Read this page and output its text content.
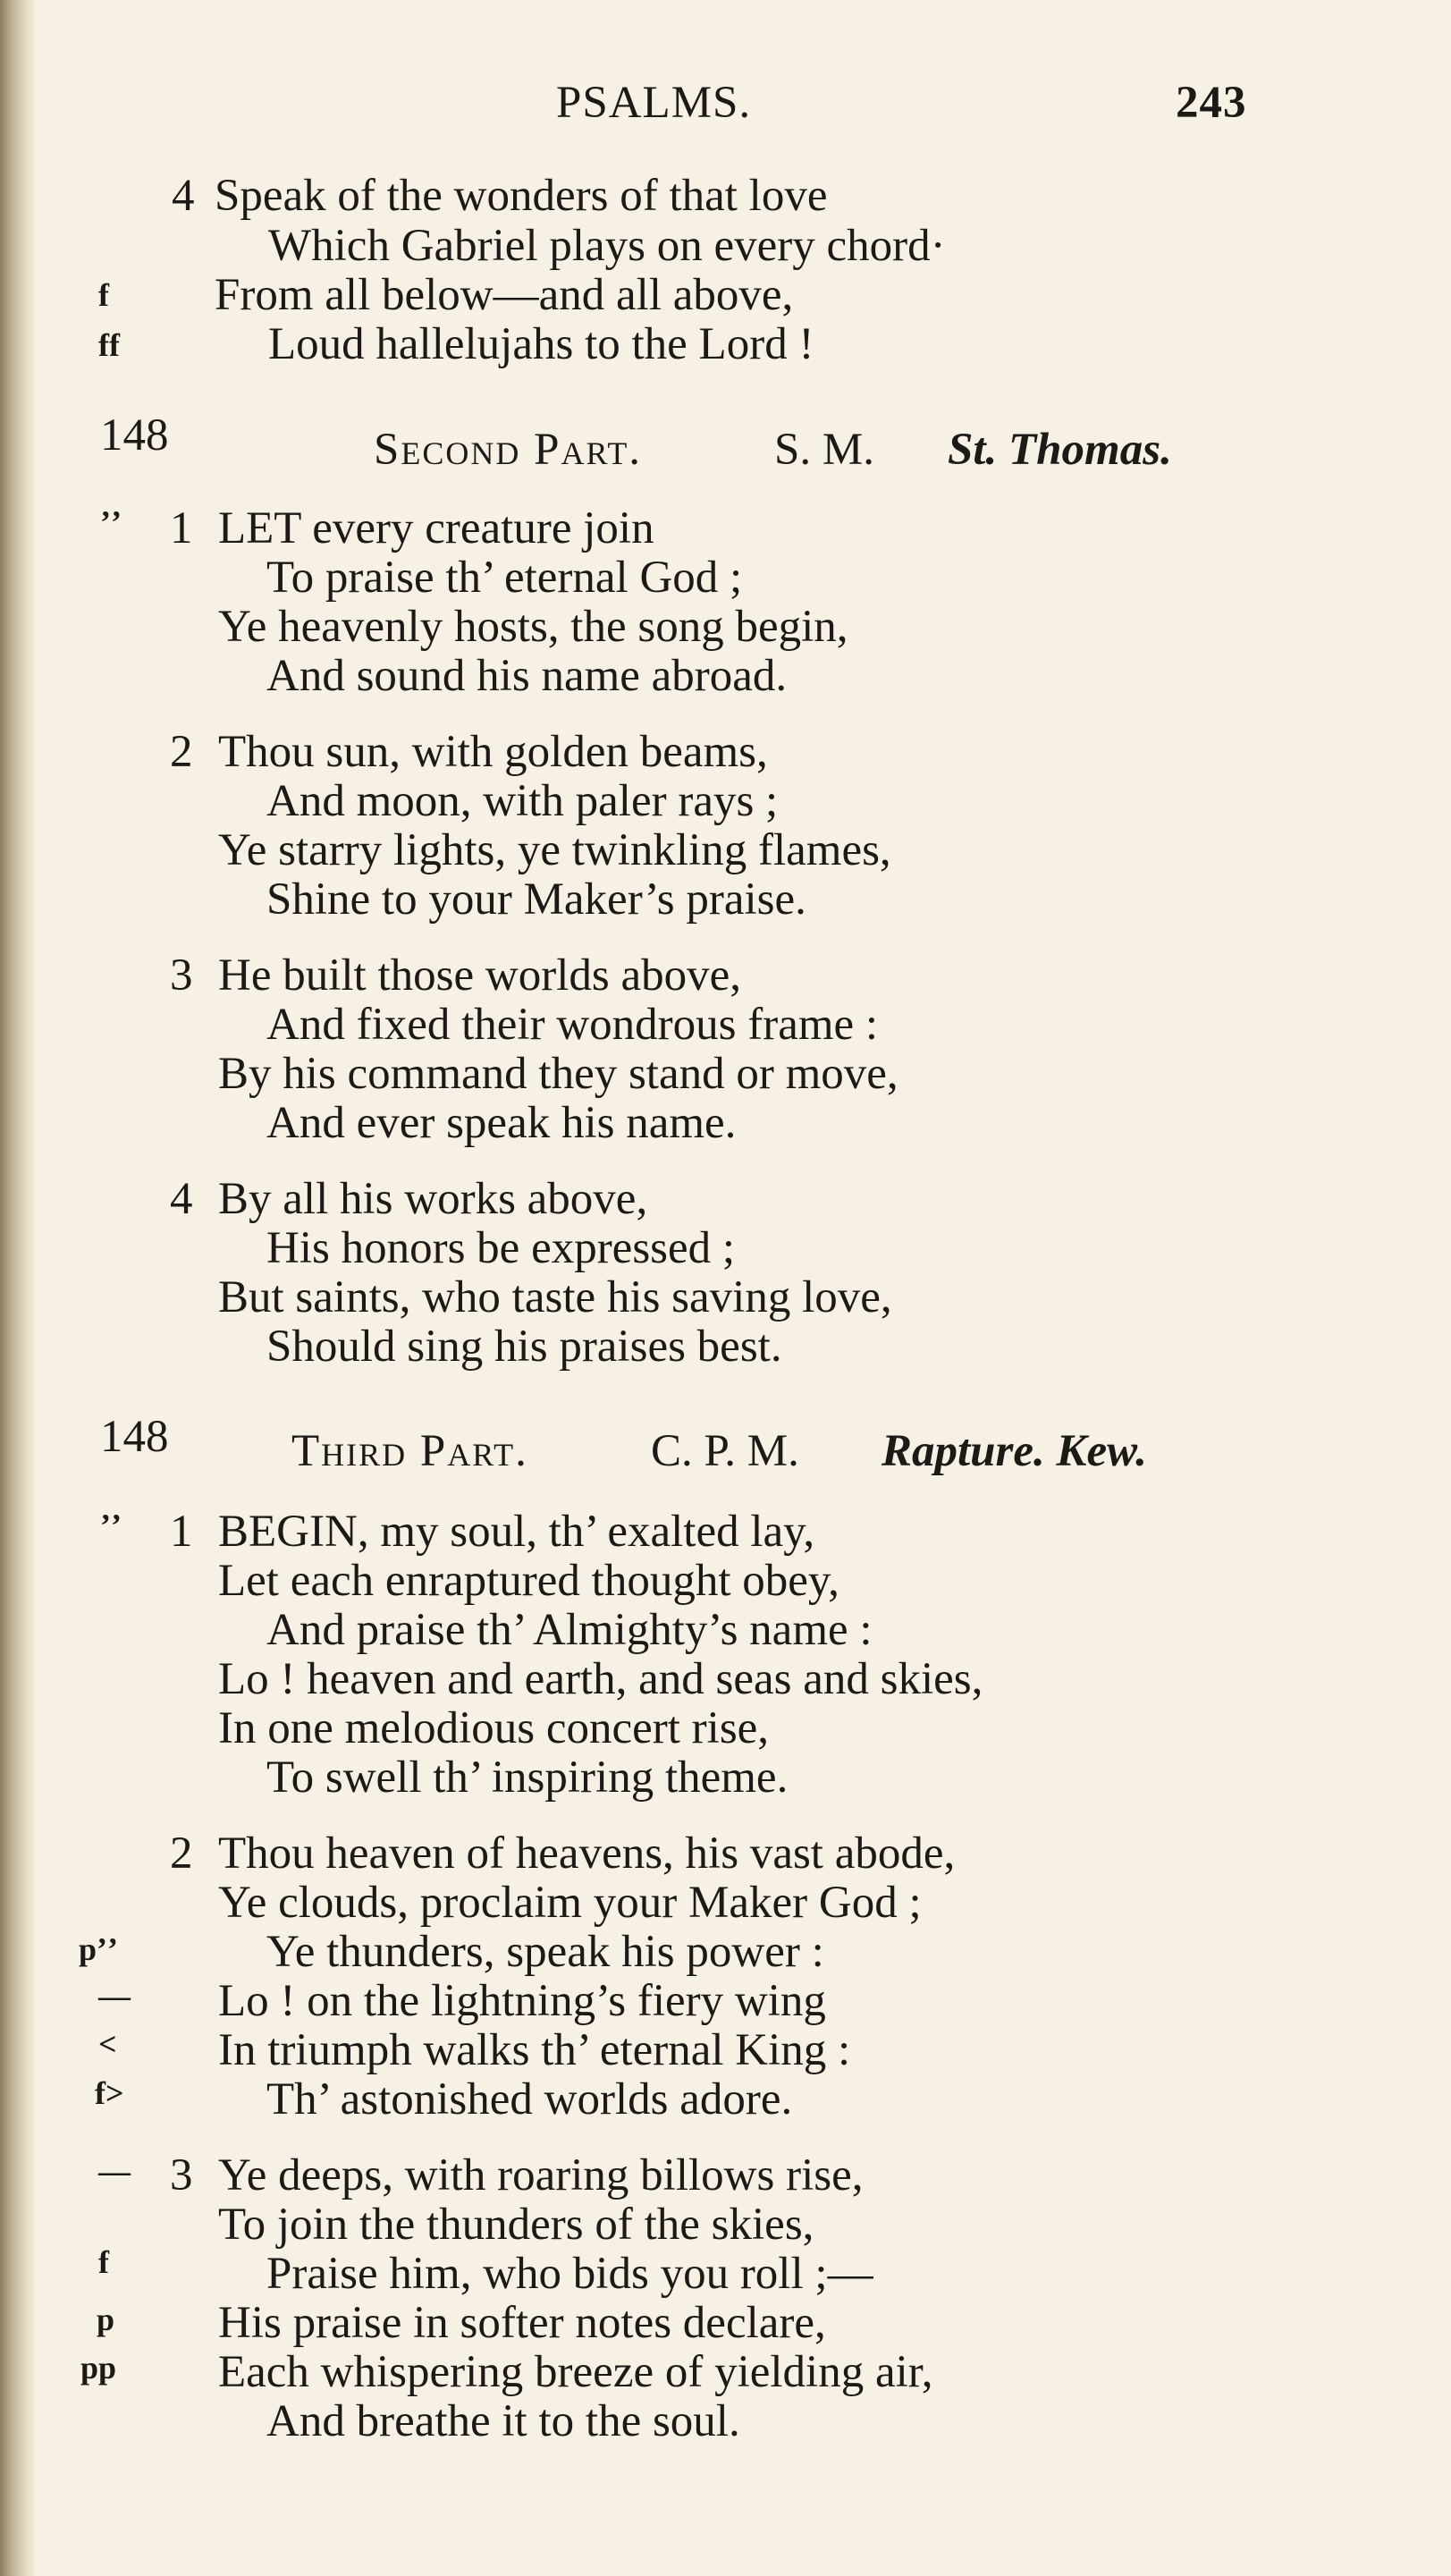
PSALMS.	243
f
ff
4 Speak of the wonders of that love
Which Gabriel plays on every chord·
From all below—and all above,
Loud hallelujahs to the Lord !
148	Second Part.	S. M. St. Thomas.
ʼʼ 1 LET every creature join
To praise th’ eternal God ;
Ye heavenly hosts, the song begin,
And sound his name abroad.
2 Thou sun, with golden beams,
And moon, with paler rays ;
Ye starry lights, ye twinkling flames,
Shine to your Maker’s praise.
3 He built those worlds above,
And fixed their wondrous frame :
By his command they stand or move,
And ever speak his name.
4 By all his works above,
His honors be expressed ;
But saints, who taste his saving love,
Should sing his praises best.
148	Third Part.	C. P. M. Rapture. Kew.
ʼʼ 1 BEGIN, my soul, th’ exalted lay,
Let each enraptured thought obey,
And praise th’ Almighty’s name :
Lo ! heaven and earth, and seas and skies,
In one melodious concert rise,
To swell th’ inspiring theme.
2 Thou heaven of heavens, his vast abode,
Ye clouds, proclaim your Maker God ;
pʼʼ	Ye thunders, speak his power :
— Lo ! on the lightning’s fiery wing
< In triumph walks th’ eternal King :
f>	Th’ astonished worlds adore.
— 3 Ye deeps, with roaring billows rise,
To join the thunders of the skies,
f	Praise him, who bids you roll ;—
p His praise in softer notes declare,
pp Each whispering breeze of yielding air,
And breathe it to the soul.
